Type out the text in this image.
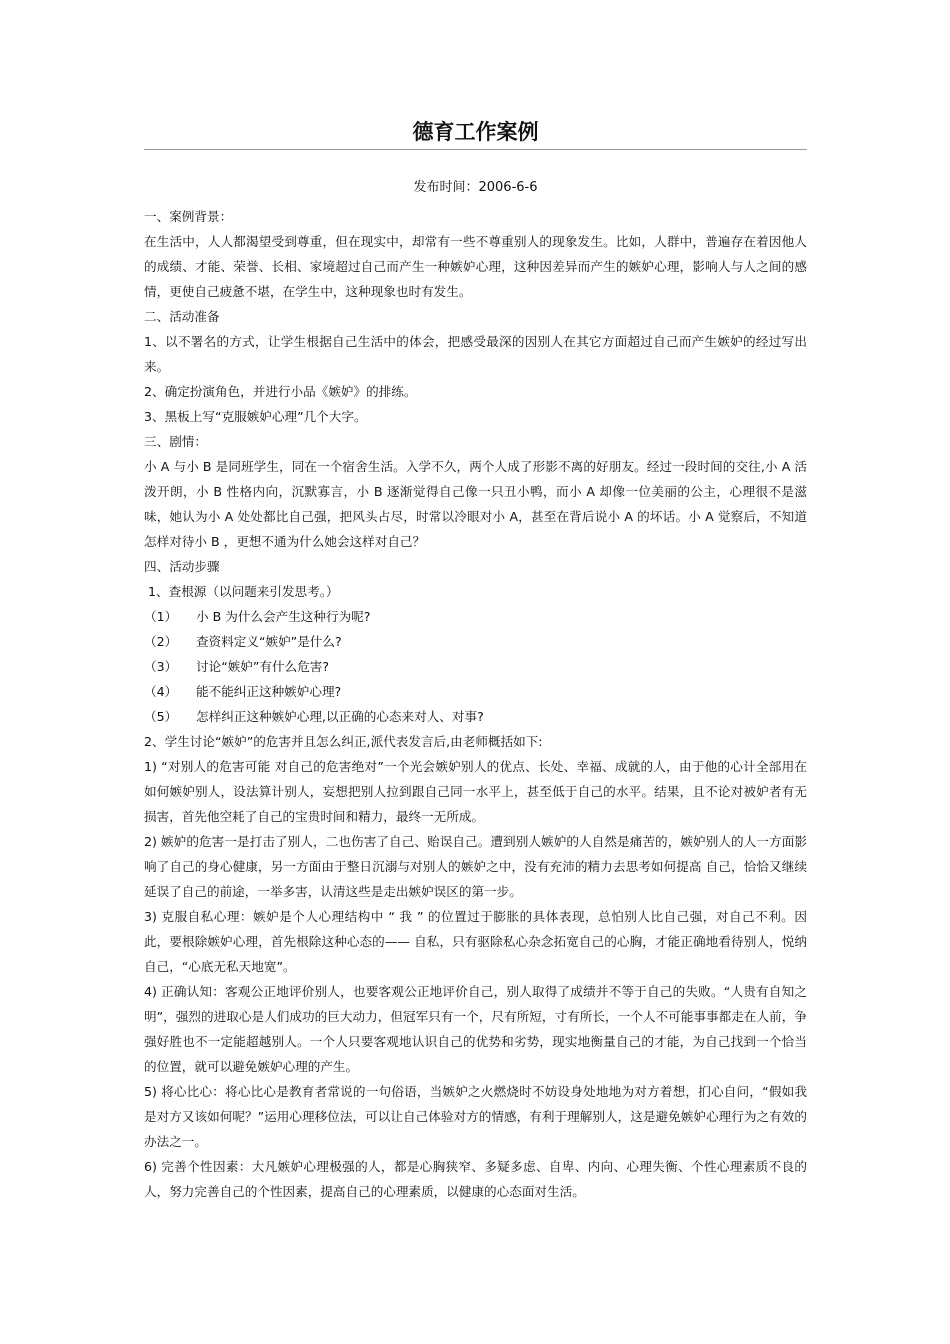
德育工作案例
发布时间：2006-6-6

一、案例背景：

在生活中，人人都渴望受到尊重，但在现实中，却常有一些不尊重别人的现象发生。比如，人群中，普遍存在着因他人的成绩、才能、荣誉、长相、家境超过自己而产生一种嫉妒心理，这种因差异而产生的嫉妒心理，影响人与人之间的感情，更使自己疲惫不堪，在学生中，这种现象也时有发生。

二、活动准备

1、以不署名的方式，让学生根据自己生活中的体会，把感受最深的因别人在其它方面超过自己而产生嫉妒的经过写出来。

2、确定扮演角色，并进行小品《嫉妒》的排练。

3、黑板上写“克服嫉妒心理”几个大字。

三、剧情：

小 A 与小 B 是同班学生，同在一个宿舍生活。入学不久，两个人成了形影不离的好朋友。经过一段时间的交往,小 A 活泼开朗，小 B 性格内向，沉默寡言，小 B 逐渐觉得自己像一只丑小鸭，而小 A 却像一位美丽的公主，心理很不是滋味，她认为小 A 处处都比自己强，把风头占尽，时常以冷眼对小 A，甚至在背后说小 A 的坏话。小 A 觉察后，不知道怎样对待小 B ，更想不通为什么她会这样对自己？

四、活动步骤

1、查根源（以问题来引发思考。）

（1）	小 B 为什么会产生这种行为呢?
（2）	查资料定义“嫉妒”是什么?
（3）	讨论“嫉妒”有什么危害?
（4）	能不能纠正这种嫉妒心理?
（5）	怎样纠正这种嫉妒心理,以正确的心态来对人、对事?

2、学生讨论“嫉妒”的危害并且怎么纠正,派代表发言后,由老师概括如下:

1) “对别人的危害可能 对自己的危害绝对”一个光会嫉妒别人的优点、长处、幸福、成就的人，由于他的心计全部用在如何嫉妒别人，设法算计别人，妄想把别人拉到跟自己同一水平上，甚至低于自己的水平。结果，且不论对被妒者有无损害，首先他空耗了自己的宝贵时间和精力，最终一无所成。

2) 嫉妒的危害一是打击了别人，二也伤害了自己、贻误自己。遭到别人嫉妒的人自然是痛苦的，嫉妒别人的人一方面影响了自己的身心健康，另一方面由于整日沉溺与对别人的嫉妒之中，没有充沛的精力去思考如何提高 自己，恰恰又继续延误了自己的前途，一举多害，认清这些是走出嫉妒误区的第一步。

3) 克服自私心理：嫉妒是个人心理结构中 “ 我 ” 的位置过于膨胀的具体表现，总怕别人比自己强，对自己不利。因此，要根除嫉妒心理，首先根除这种心态的—— 自私，只有驱除私心杂念拓宽自己的心胸，才能正确地看待别人，悦纳自己，“心底无私天地宽”。

4) 正确认知：客观公正地评价别人，也要客观公正地评价自己，别人取得了成绩并不等于自己的失败。“人贵有自知之明”，强烈的进取心是人们成功的巨大动力，但冠军只有一个，尺有所短，寸有所长，一个人不可能事事都走在人前，争强好胜也不一定能超越别人。一个人只要客观地认识自己的优势和劣势，现实地衡量自己的才能，为自己找到一个恰当的位置，就可以避免嫉妒心理的产生。

5) 将心比心：将心比心是教育者常说的一句俗语，当嫉妒之火燃烧时不妨设身处地地为对方着想，扪心自问，“假如我是对方又该如何呢？”运用心理移位法，可以让自己体验对方的情感，有利于理解别人，这是避免嫉妒心理行为之有效的办法之一。

6) 完善个性因素：大凡嫉妒心理极强的人，都是心胸狭窄、多疑多虑、自卑、内向、心理失衡、个性心理素质不良的人，努力完善自己的个性因素，提高自己的心理素质，以健康的心态面对生活。
